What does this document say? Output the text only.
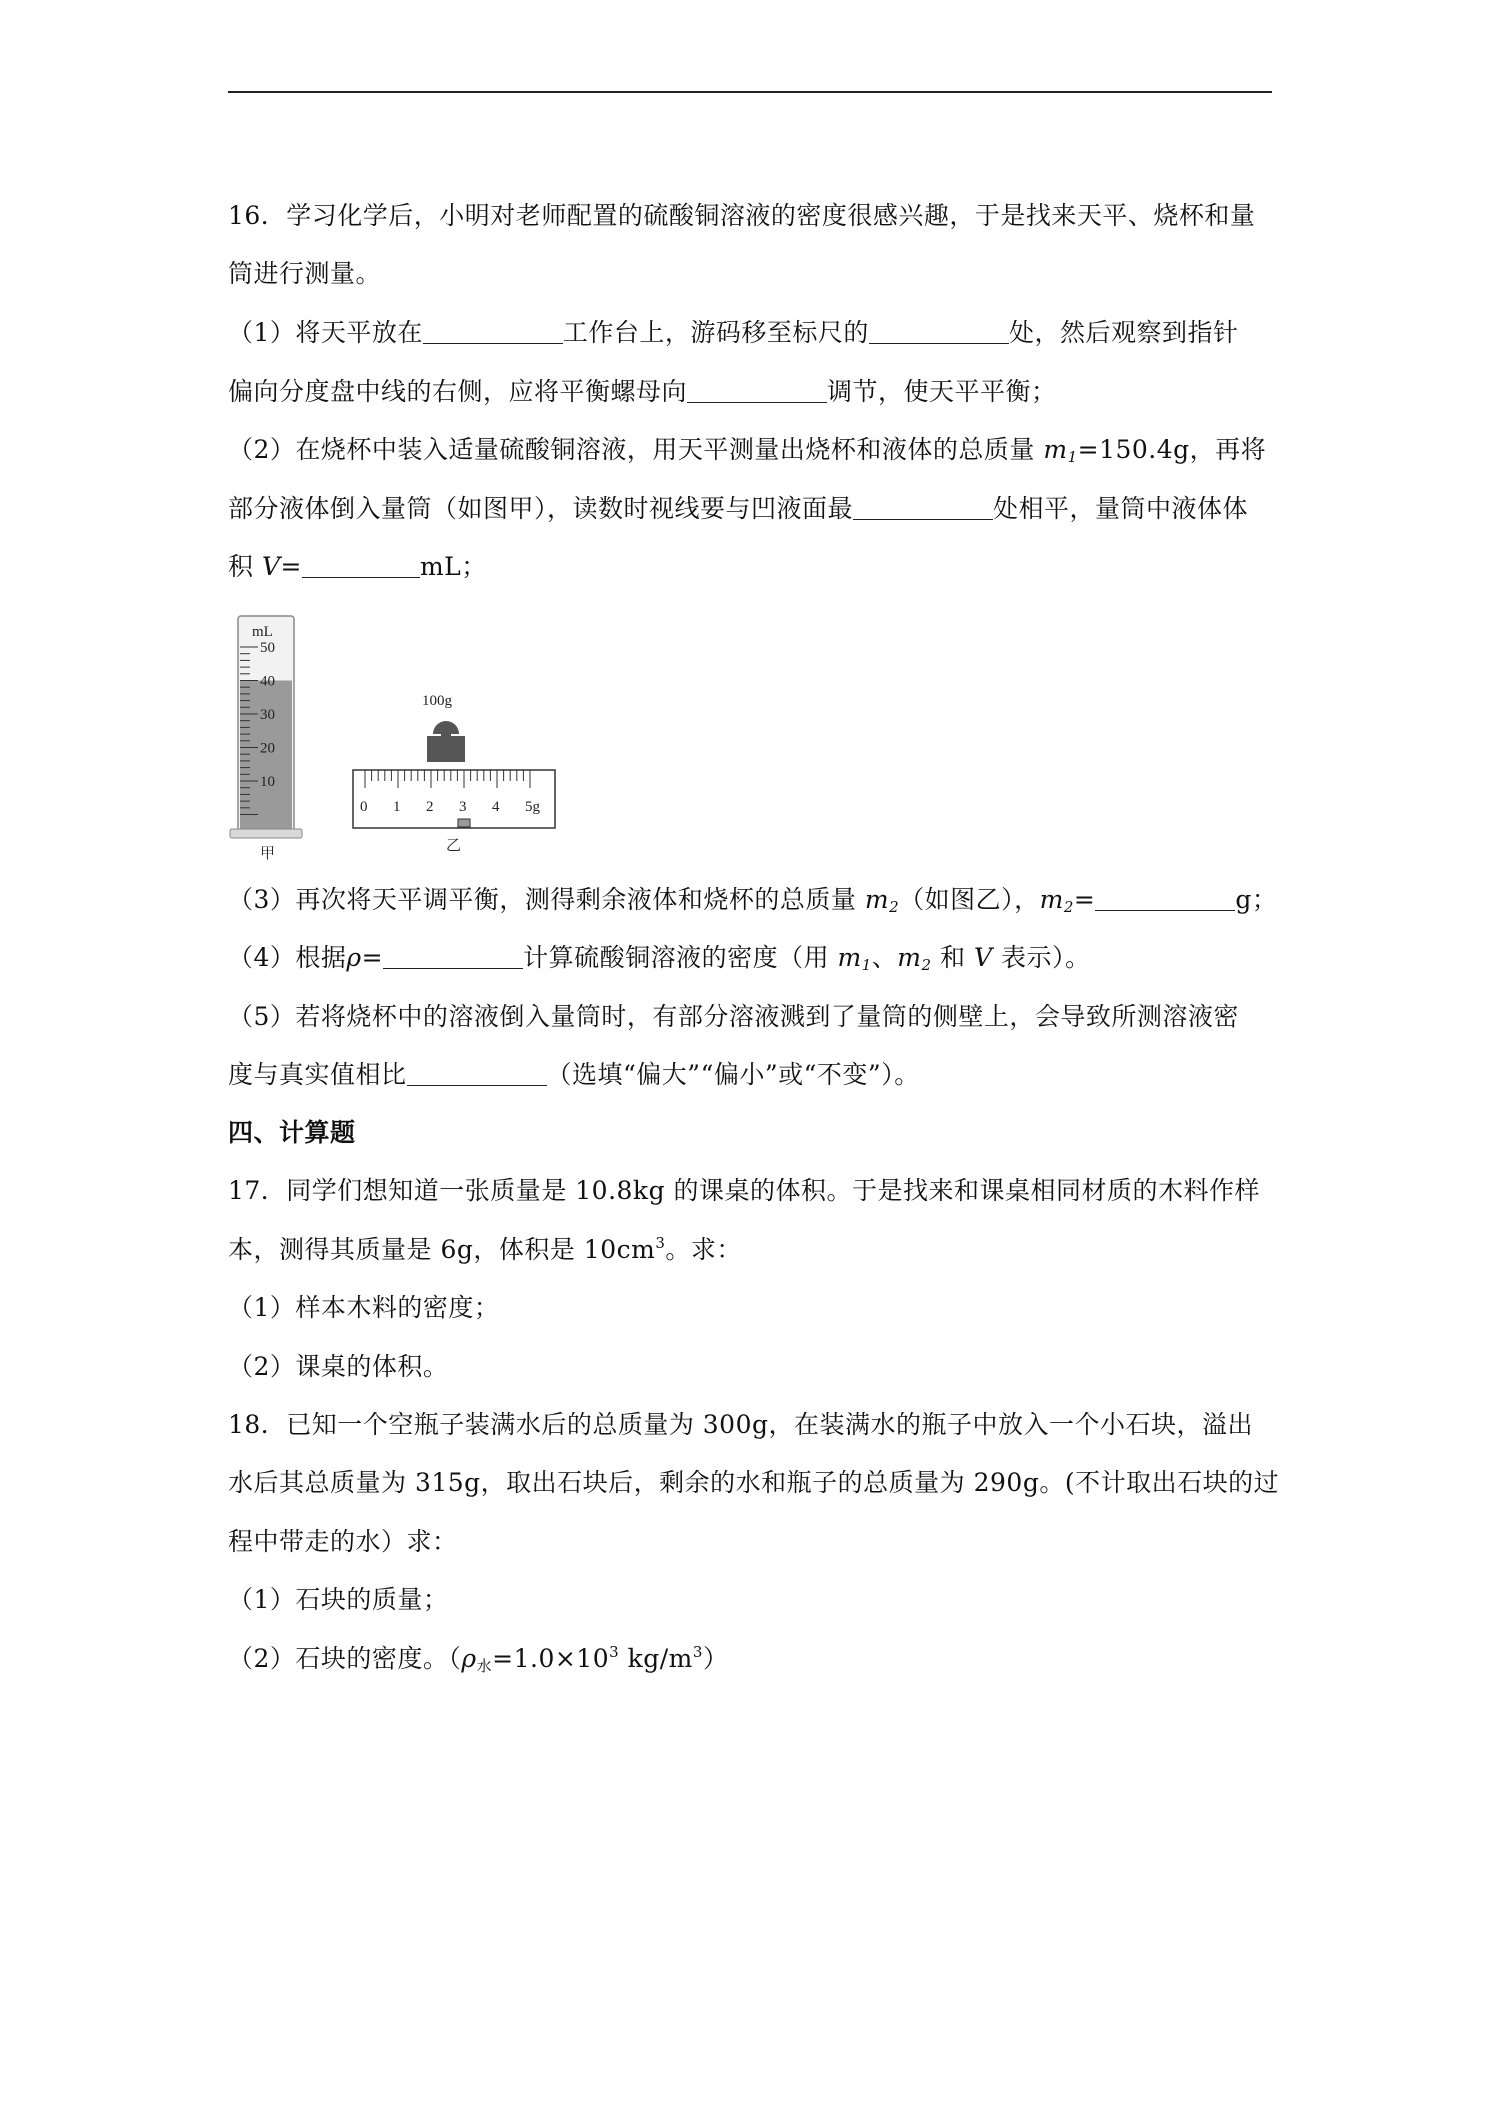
16．学习化学后，小明对老师配置的硫酸铜溶液的密度很感兴趣，于是找来天平、烧杯和量
筒进行测量。
（1）将天平放在	工作台上，游码移至标尺的	处，然后观察到指针
偏向分度盘中线的右侧，应将平衡螺母向	调节，使天平平衡；
（2）在烧杯中装入适量硫酸铜溶液，用天平测量出烧杯和液体的总质量 $m_1=150.4g$，再将
部分液体倒入量筒（如图甲），读数时视线要与凹液面最	处相平，量筒中液体体
积 V=	mL；
mL
50
40
30
20
10
甲
100g
0 1 2 3 4 5g
乙
（3）再次将天平调平衡，测得剩余液体和烧杯的总质量 $m_2$（如图乙），$m_2=$	g；
（4）根据ρ=	计算硫酸铜溶液的密度（用 $m_1$、$m_2$ 和 V 表示）。
（5）若将烧杯中的溶液倒入量筒时，有部分溶液溅到了量筒的侧壁上，会导致所测溶液密
度与真实值相比	（选填“偏大”“偏小”或“不变”）。
四、计算题
17．同学们想知道一张质量是 10.8kg 的课桌的体积。于是找来和课桌相同材质的木料作样
本，测得其质量是 6g，体积是 $10cm^3$。求：
（1）样本木料的密度；
（2）课桌的体积。
18．已知一个空瓶子装满水后的总质量为 300g，在装满水的瓶子中放入一个小石块，溢出
水后其总质量为 315g，取出石块后，剩余的水和瓶子的总质量为 290g。(不计取出石块的过
程中带走的水）求：
（1）石块的质量；
（2）石块的密度。（$\rho_水=1.0\times 10^3$ $kg/m^3$）
